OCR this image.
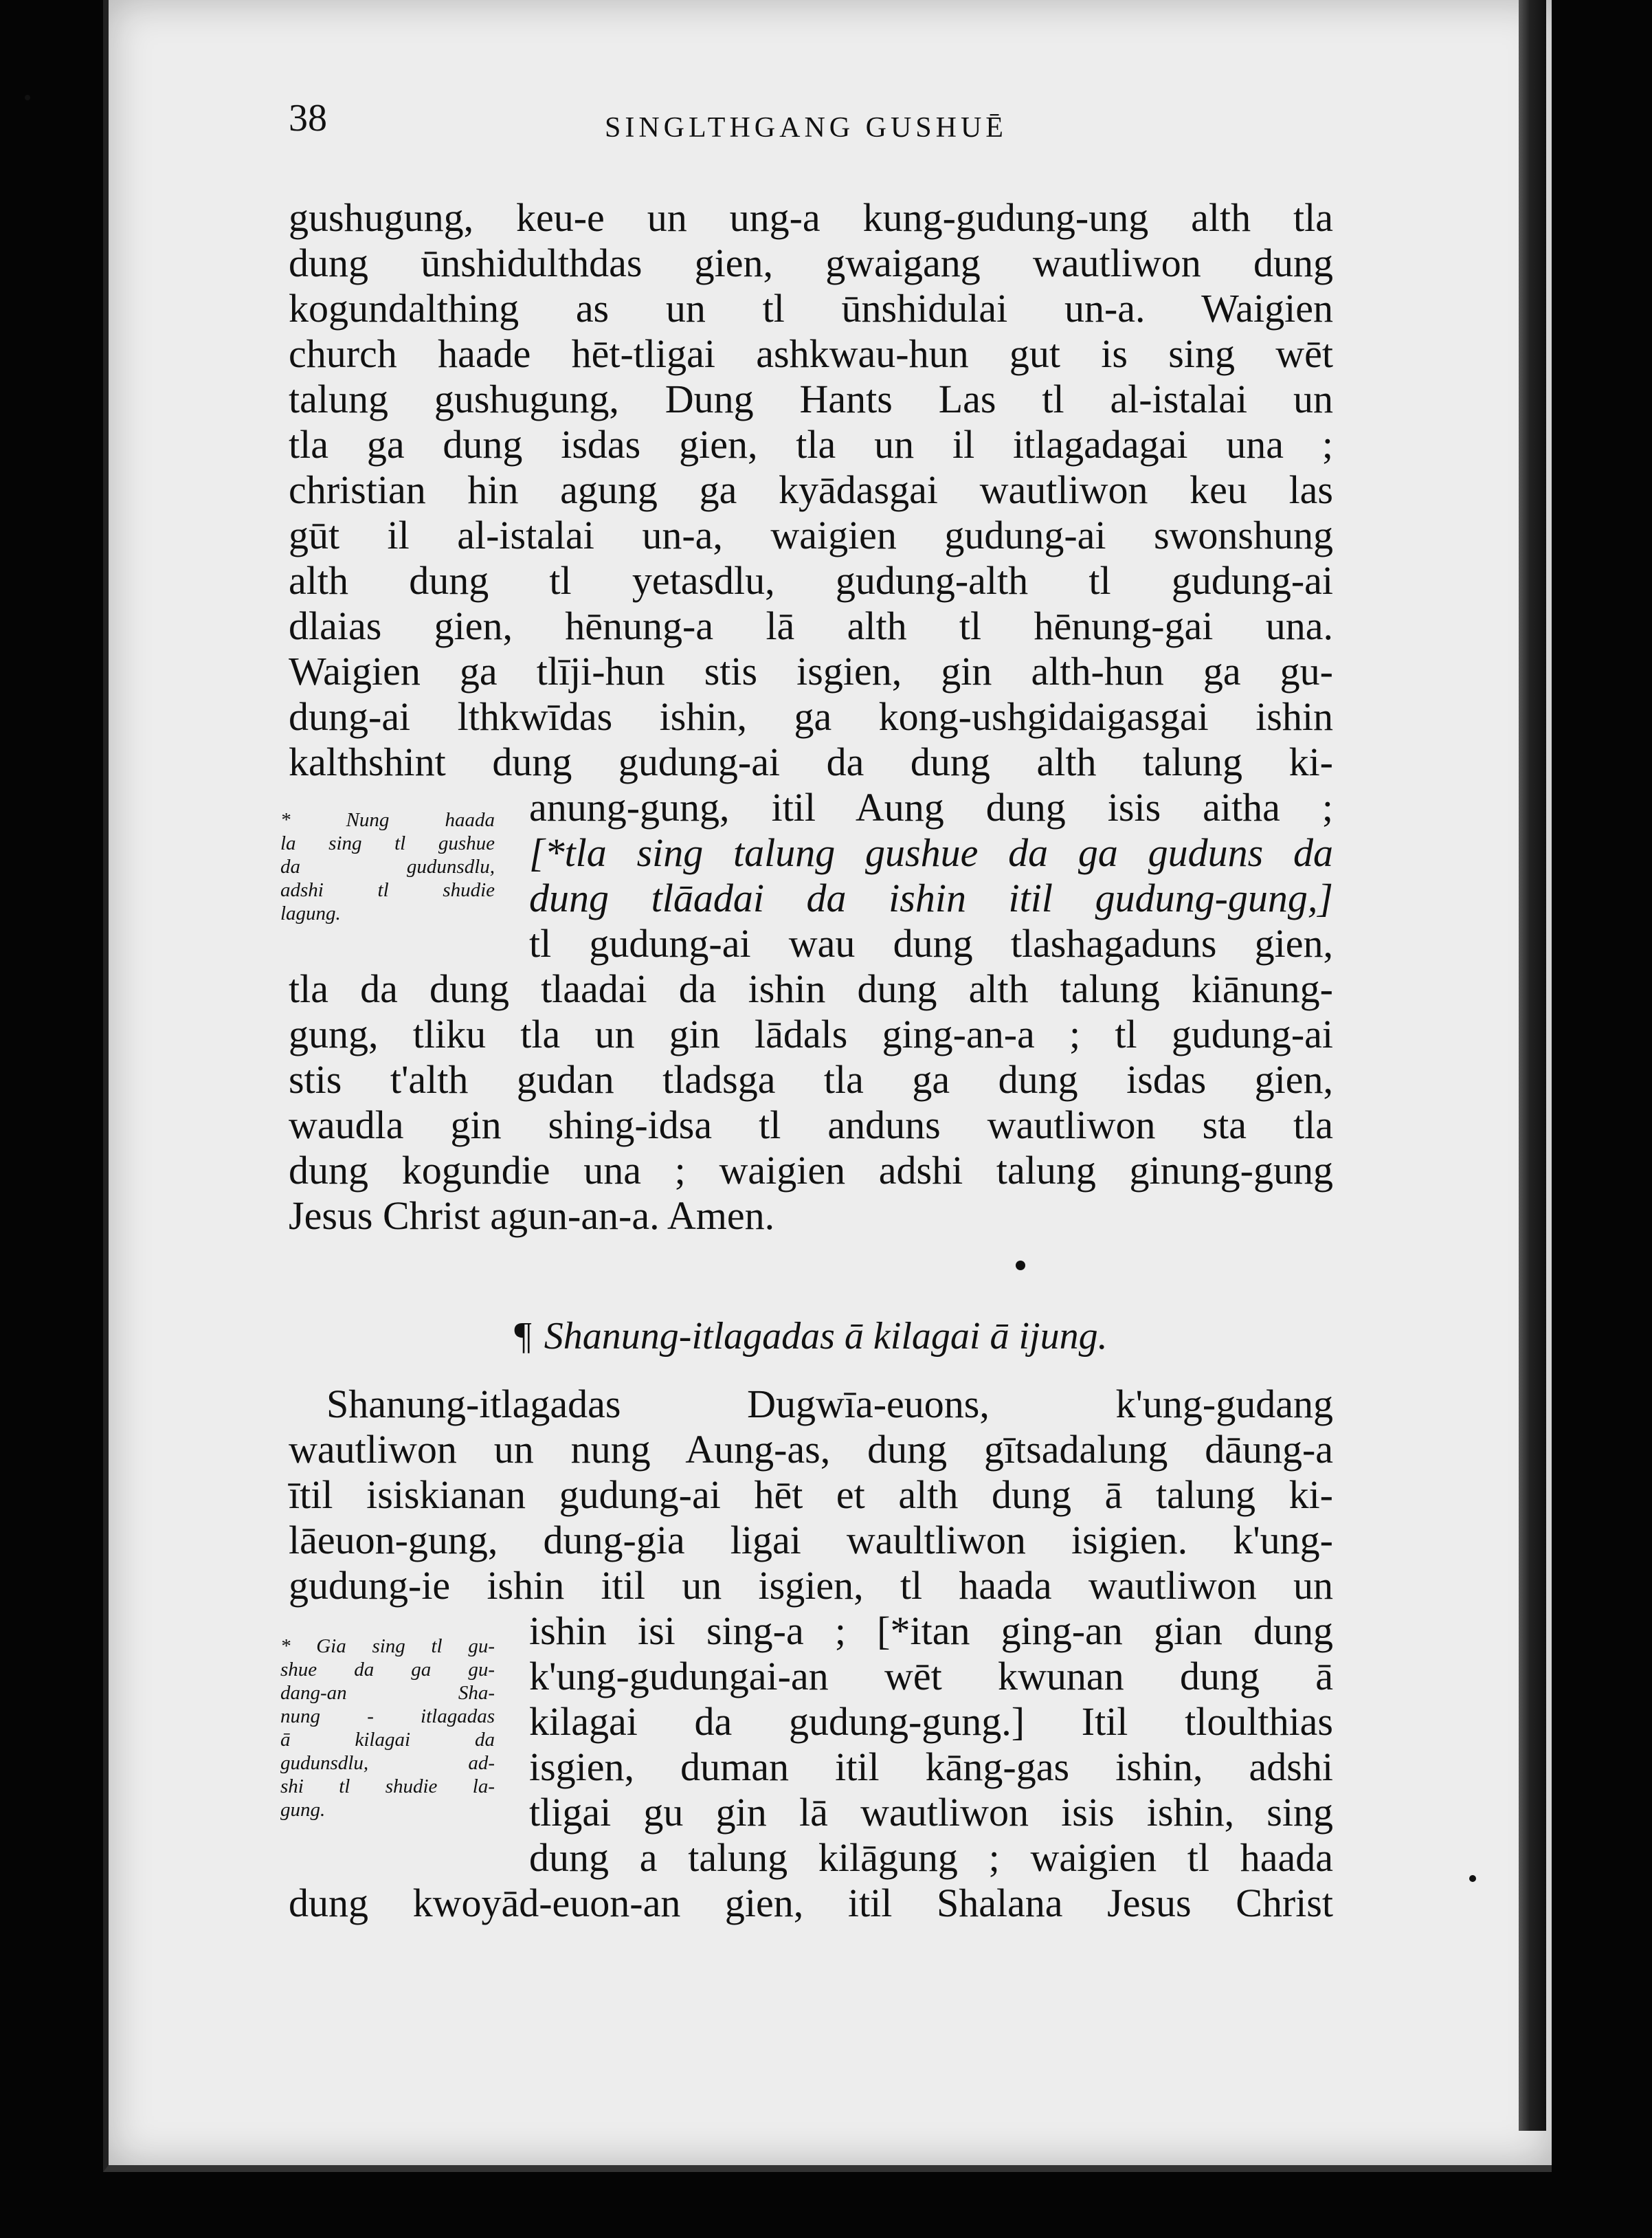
38	SINGLTHGANG GUSHUĒ
gushugung, keu-e un ung-a kung-gudung-ung alth tla
dung ūnshidulthdas gien, gwaigang wautliwon dung
kogundalthing as un tl ūnshidulai un-a. Waigien
church haade hēt-tligai ashkwau-hun gut is sing wēt
talung gushugung, Dung Hants Las tl al-istalai un
tla ga dung isdas gien, tla un il itlagadagai una ;
christian hin agung ga kyādasgai wautliwon keu las
gūt il al-istalai un-a, waigien gudung-ai swonshung
alth dung tl yetasdlu, gudung-alth tl gudung-ai
dlaias gien, hēnung-a lā alth tl hēnung-gai una.
Waigien ga tlīji-hun stis isgien, gin alth-hun ga gu-
dung-ai lthkwīdas ishin, ga kong-ushgidaigasgai ishin
kalthshint dung gudung-ai da dung alth talung ki-
* Nung haada
la sing tl gushue
da gudunsdlu,
adshi tl shudie
lagung.
anung-gung, itil Aung dung isis aitha ;
[*tla sing talung gushue da ga guduns da
dung tlāadai da ishin itil gudung-gung,]
tl gudung-ai wau dung tlashagaduns gien,
tla da dung tlaadai da ishin dung alth talung kiānung-
gung, tliku tla un gin lādals ging-an-a ; tl gudung-ai
stis t'alth gudan tladsga tla ga dung isdas gien,
waudla gin shing-idsa tl anduns wautliwon sta tla
dung kogundie una ; waigien adshi talung ginung-gung
Jesus Christ agun-an-a. Amen.
¶ Shanung-itlagadas ā kilagai ā ijung.
Shanung-itlagadas Dugwīa-euons, k'ung-gudang
wautliwon un nung Aung-as, dung gītsadalung dāung-a
ītil isiskianan gudung-ai hēt et alth dung ā talung ki-
lāeuon-gung, dung-gia ligai waultliwon isigien. k'ung-
gudung-ie ishin itil un isgien, tl haada wautliwon un
* Gia sing tl gu-
shue da ga gu-
dang-an Sha-
nung - itlagadas
ā kilagai da
gudunsdlu, ad-
shi tl shudie la-
gung.
ishin isi sing-a ; [*itan ging-an gian dung
k'ung-gudungai-an wēt kwunan dung ā
kilagai da gudung-gung.] Itil tloulthias
isgien, duman itil kāng-gas ishin, adshi
tligai gu gin lā wautliwon isis ishin, sing
dung a talung kilāgung ; waigien tl haada
dung kwoyād-euon-an gien, itil Shalana Jesus Christ
